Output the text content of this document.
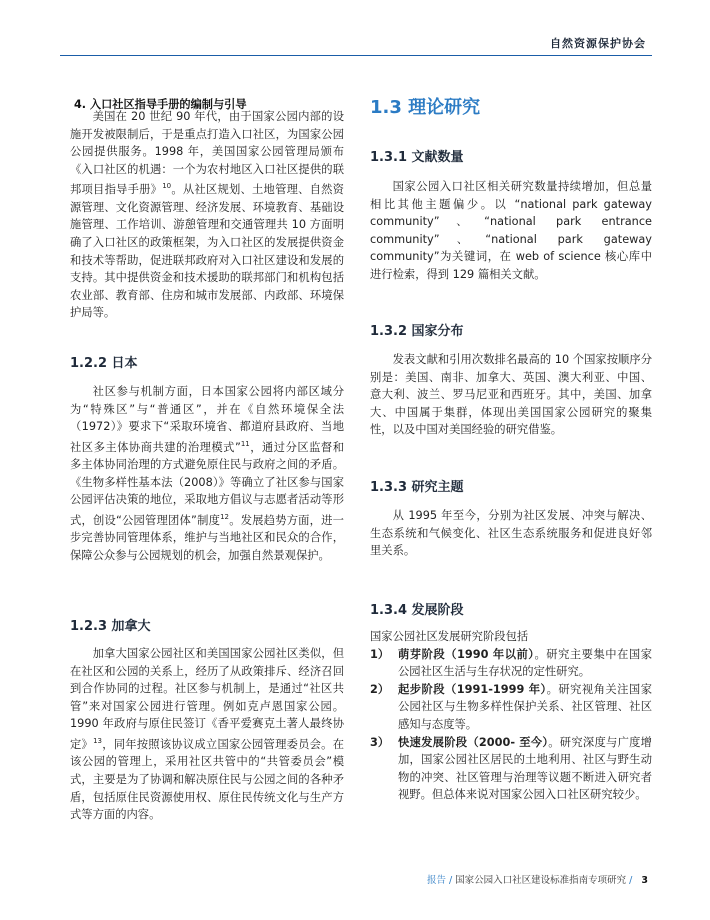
自然资源保护协会
4. 入口社区指导手册的编制与引导

美国在 20 世纪 90 年代，由于国家公园内部的设施开发被限制后，于是重点打造入口社区，为国家公园公园提供服务。1998 年，美国国家公园管理局颁布《入口社区的机遇：一个为农村地区入口社区提供的联邦项目指导手册》$^{10}$。从社区规划、土地管理、自然资源管理、文化资源管理、经济发展、环境教育、基础设施管理、工作培训、游憩管理和交通管理共 10 方面明确了入口社区的政策框架，为入口社区的发展提供资金和技术等帮助，促进联邦政府对入口社区建设和发展的支持。其中提供资金和技术援助的联邦部门和机构包括农业部、教育部、住房和城市发展部、内政部、环境保护局等。

1.2.2 日本

社区参与机制方面，日本国家公园将内部区域分为“特殊区”与“普通区”，并在《自然环境保全法（1972）》要求下“采取环境省、都道府县政府、当地社区多主体协商共建的治理模式”$^{11}$，通过分区监督和多主体协同治理的方式避免原住民与政府之间的矛盾。《生物多样性基本法（2008）》等确立了社区参与国家公园评估决策的地位，采取地方倡议与志愿者活动等形式，创设“公园管理团体”制度$^{12}$。发展趋势方面，进一步完善协同管理体系，维护与当地社区和民众的合作，保障公众参与公园规划的机会，加强自然景观保护。

1.2.3 加拿大

加拿大国家公园社区和美国国家公园社区类似，但在社区和公园的关系上，经历了从政策排斥、经济召回到合作协同的过程。社区参与机制上，是通过“社区共管”来对国家公园进行管理。例如克卢恩国家公园。1990 年政府与原住民签订《香平爱赛克土著人最终协定》$^{13}$，同年按照该协议成立国家公园管理委员会。在该公园的管理上，采用社区共管中的“共管委员会”模式，主要是为了协调和解决原住民与公园之间的各种矛盾，包括原住民资源使用权、原住民传统文化与生产方式等方面的内容。

1.3 理论研究
1.3.1 文献数量

国家公园入口社区相关研究数量持续增加，但总量相比其他主题偏少。以 “national park gateway community”、“national park entrance community”、“national park gateway community”为关键词，在 web of science 核心库中进行检索，得到 129 篇相关文献。

1.3.2 国家分布

发表文献和引用次数排名最高的 10 个国家按顺序分别是：美国、南非、加拿大、英国、澳大利亚、中国、意大利、波兰、罗马尼亚和西班牙。其中，美国、加拿大、中国属于集群，体现出美国国家公园研究的聚集性，以及中国对美国经验的研究借鉴。

1.3.3 研究主题

从 1995 年至今，分别为社区发展、冲突与解决、生态系统和气候变化、社区生态系统服务和促进良好邻里关系。

1.3.4 发展阶段

国家公园社区发展研究阶段包括

1） 萌芽阶段（1990 年以前）。研究主要集中在国家公园社区生活与生存状况的定性研究。
2） 起步阶段（1991-1999 年）。研究视角关注国家公园社区与生物多样性保护关系、社区管理、社区感知与态度等。
3） 快速发展阶段（2000- 至今）。研究深度与广度增加，国家公园社区居民的土地利用、社区与野生动物的冲突、社区管理与治理等议题不断进入研究者视野。但总体来说对国家公园入口社区研究较少。
报告 / 国家公园入口社区建设标准指南专项研究 / 3
